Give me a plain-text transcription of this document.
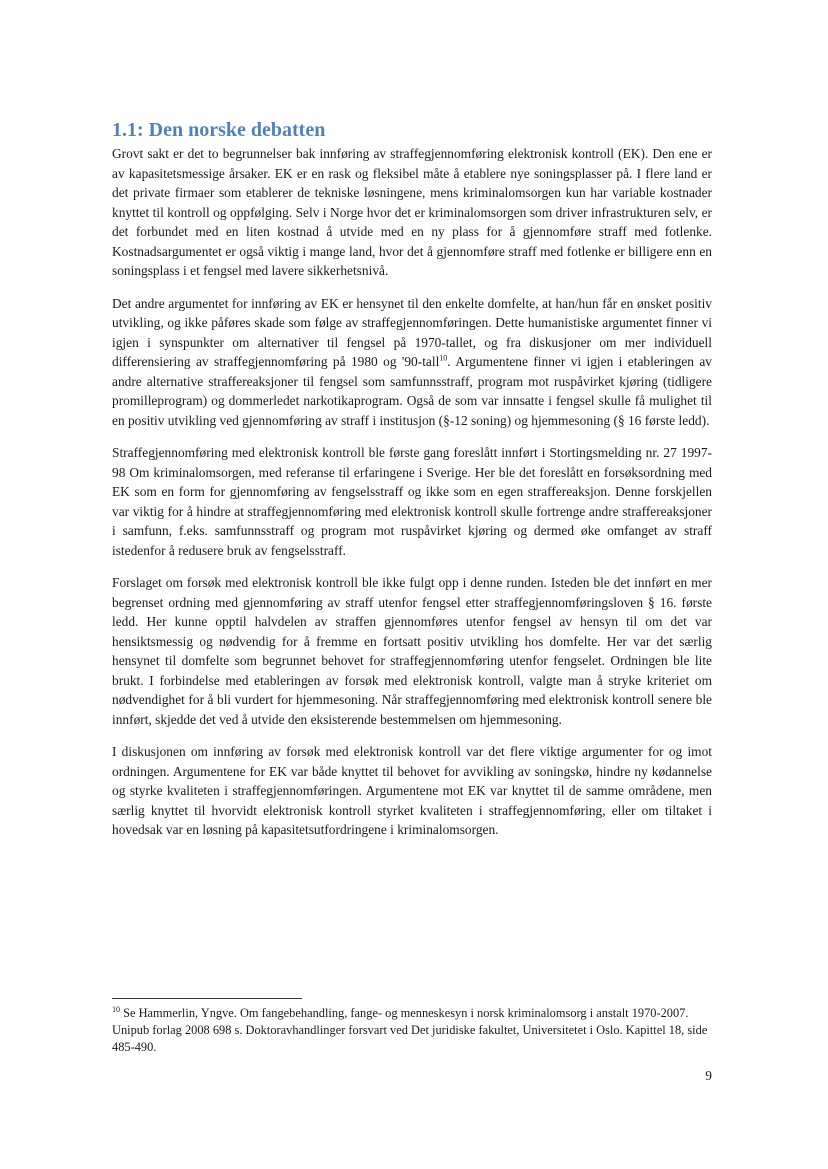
1.1: Den norske debatten

Grovt sakt er det to begrunnelser bak innføring av straffegjennomføring elektronisk kontroll (EK). Den ene er av kapasitetsmessige årsaker. EK er en rask og fleksibel måte å etablere nye soningsplasser på. I flere land er det private firmaer som etablerer de tekniske løsningene, mens kriminalomsorgen kun har variable kostnader knyttet til kontroll og oppfølging. Selv i Norge hvor det er kriminalomsorgen som driver infrastrukturen selv, er det forbundet med en liten kostnad å utvide med en ny plass for å gjennomføre straff med fotlenke. Kostnadsargumentet er også viktig i mange land, hvor det å gjennomføre straff med fotlenke er billigere enn en soningsplass i et fengsel med lavere sikkerhetsnivå.

Det andre argumentet for innføring av EK er hensynet til den enkelte domfelte, at han/hun får en ønsket positiv utvikling, og ikke påføres skade som følge av straffegjennomføringen. Dette humanistiske argumentet finner vi igjen i synspunkter om alternativer til fengsel på 1970-tallet, og fra diskusjoner om mer individuell differensiering av straffegjennomføring på 1980 og '90-tall$^{10}$. Argumentene finner vi igjen i etableringen av andre alternative straffereaksjoner til fengsel som samfunnsstraff, program mot ruspåvirket kjøring (tidligere promilleprogram) og dommerledet narkotikaprogram. Også de som var innsatte i fengsel skulle få mulighet til en positiv utvikling ved gjennomføring av straff i institusjon (§-12 soning) og hjemmesoning (§ 16 første ledd).

Straffegjennomføring med elektronisk kontroll ble første gang foreslått innført i Stortingsmelding nr. 27 1997-98 Om kriminalomsorgen, med referanse til erfaringene i Sverige. Her ble det foreslått en forsøksordning med EK som en form for gjennomføring av fengselsstraff og ikke som en egen straffereaksjon. Denne forskjellen var viktig for å hindre at straffegjennomføring med elektronisk kontroll skulle fortrenge andre straffereaksjoner i samfunn, f.eks. samfunnsstraff og program mot ruspåvirket kjøring og dermed øke omfanget av straff istedenfor å redusere bruk av fengselsstraff.

Forslaget om forsøk med elektronisk kontroll ble ikke fulgt opp i denne runden. Isteden ble det innført en mer begrenset ordning med gjennomføring av straff utenfor fengsel etter straffegjennomføringsloven § 16. første ledd. Her kunne opptil halvdelen av straffen gjennomføres utenfor fengsel av hensyn til om det var hensiktsmessig og nødvendig for å fremme en fortsatt positiv utvikling hos domfelte. Her var det særlig hensynet til domfelte som begrunnet behovet for straffegjennomføring utenfor fengselet. Ordningen ble lite brukt. I forbindelse med etableringen av forsøk med elektronisk kontroll, valgte man å stryke kriteriet om nødvendighet for å bli vurdert for hjemmesoning. Når straffegjennomføring med elektronisk kontroll senere ble innført, skjedde det ved å utvide den eksisterende bestemmelsen om hjemmesoning.

I diskusjonen om innføring av forsøk med elektronisk kontroll var det flere viktige argumenter for og imot ordningen. Argumentene for EK var både knyttet til behovet for avvikling av soningskø, hindre ny kødannelse og styrke kvaliteten i straffegjennomføringen. Argumentene mot EK var knyttet til de samme områdene, men særlig knyttet til hvorvidt elektronisk kontroll styrket kvaliteten i straffegjennomføring, eller om tiltaket i hovedsak var en løsning på kapasitetsutfordringene i kriminalomsorgen.

$^{10}$ Se Hammerlin, Yngve. Om fangebehandling, fange- og menneskesyn i norsk kriminalomsorg i anstalt 1970-2007. Unipub forlag 2008 698 s. Doktoravhandlinger forsvart ved Det juridiske fakultet, Universitetet i Oslo. Kapittel 18, side 485-490.
9
